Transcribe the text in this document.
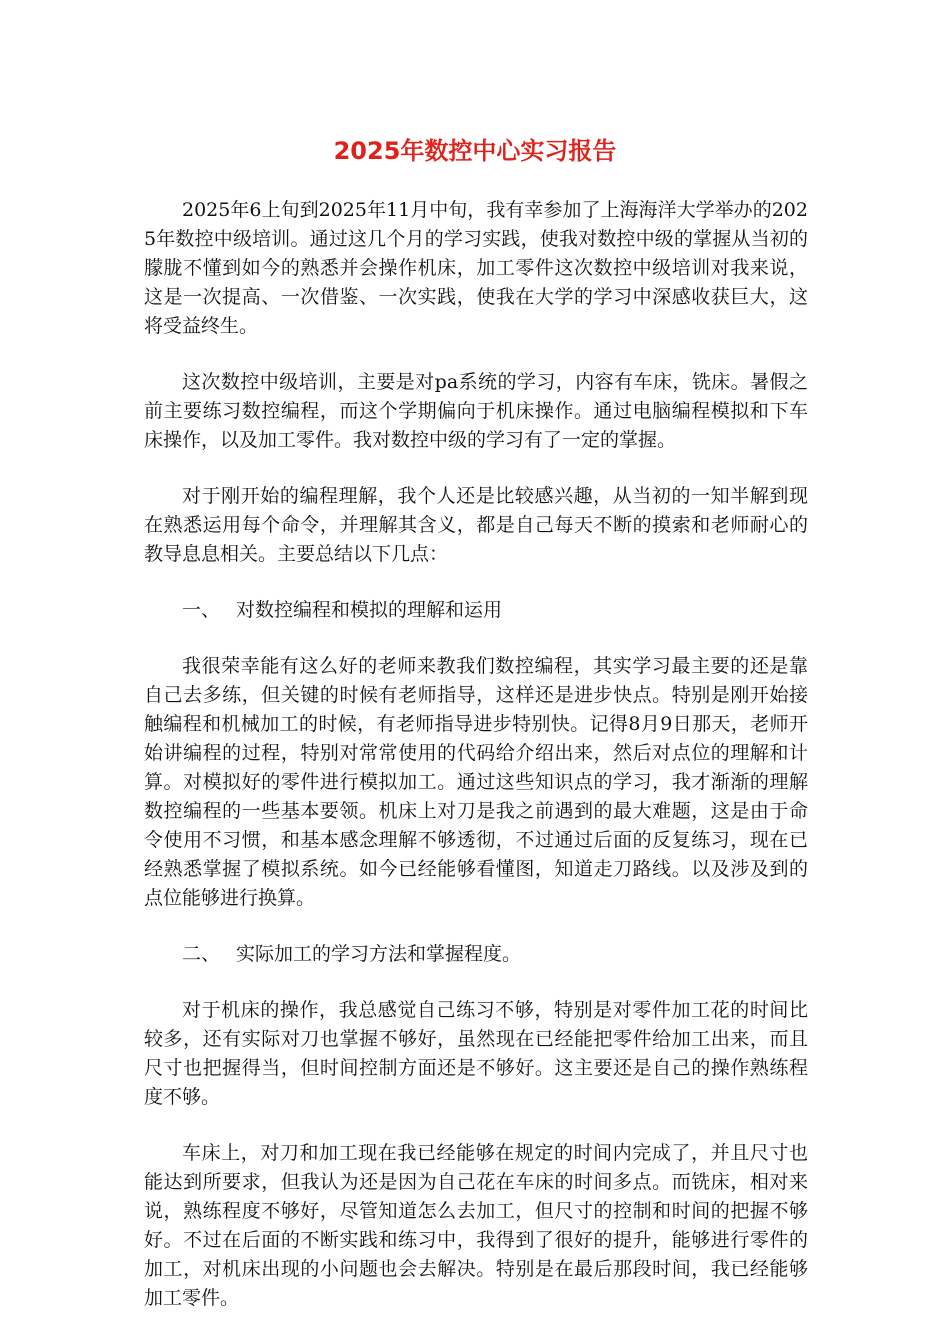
2025年数控中心实习报告

2025年6上旬到2025年11月中旬，我有幸参加了上海海洋大学举办的2025年数控中级培训。通过这几个月的学习实践，使我对数控中级的掌握从当初的朦胧不懂到如今的熟悉并会操作机床，加工零件这次数控中级培训对我来说，这是一次提高、一次借鉴、一次实践，使我在大学的学习中深感收获巨大，这将受益终生。

这次数控中级培训，主要是对pa系统的学习，内容有车床，铣床。暑假之前主要练习数控编程，而这个学期偏向于机床操作。通过电脑编程模拟和下车床操作，以及加工零件。我对数控中级的学习有了一定的掌握。

对于刚开始的编程理解，我个人还是比较感兴趣，从当初的一知半解到现在熟悉运用每个命令，并理解其含义，都是自己每天不断的摸索和老师耐心的教导息息相关。主要总结以下几点：

一、 对数控编程和模拟的理解和运用

我很荣幸能有这么好的老师来教我们数控编程，其实学习最主要的还是靠自己去多练，但关键的时候有老师指导，这样还是进步快点。特别是刚开始接触编程和机械加工的时候，有老师指导进步特别快。记得8月9日那天，老师开始讲编程的过程，特别对常常使用的代码给介绍出来，然后对点位的理解和计算。对模拟好的零件进行模拟加工。通过这些知识点的学习，我才渐渐的理解数控编程的一些基本要领。机床上对刀是我之前遇到的最大难题，这是由于命令使用不习惯，和基本感念理解不够透彻，不过通过后面的反复练习，现在已经熟悉掌握了模拟系统。如今已经能够看懂图，知道走刀路线。以及涉及到的点位能够进行换算。

二、 实际加工的学习方法和掌握程度。

对于机床的操作，我总感觉自己练习不够，特别是对零件加工花的时间比较多，还有实际对刀也掌握不够好，虽然现在已经能把零件给加工出来，而且尺寸也把握得当，但时间控制方面还是不够好。这主要还是自己的操作熟练程度不够。

车床上，对刀和加工现在我已经能够在规定的时间内完成了，并且尺寸也能达到所要求，但我认为还是因为自己花在车床的时间多点。而铣床，相对来说，熟练程度不够好，尽管知道怎么去加工，但尺寸的控制和时间的把握不够好。不过在后面的不断实践和练习中，我得到了很好的提升，能够进行零件的加工，对机床出现的小问题也会去解决。特别是在最后那段时间，我已经能够加工零件。
